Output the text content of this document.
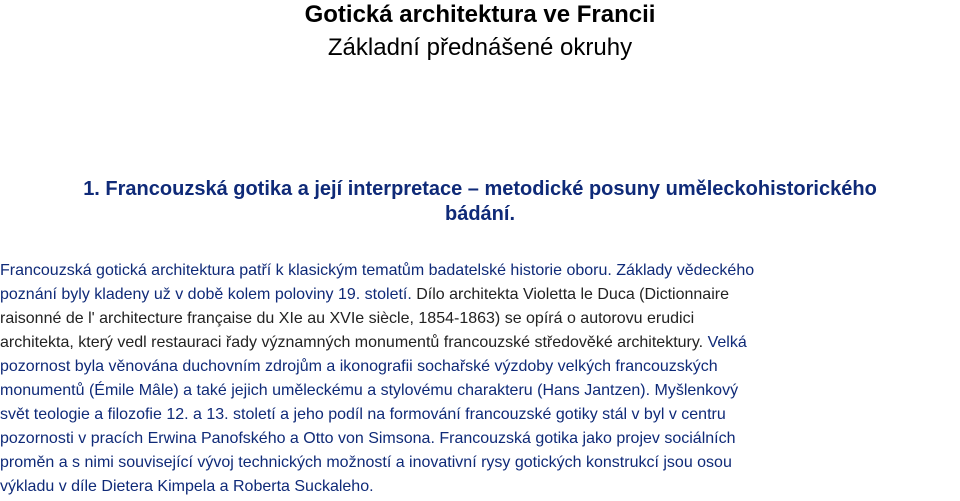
Gotická architektura ve Francii
Základní přednášené okruhy
1. Francouzská gotika a její interpretace – metodické posuny uměleckohistorického
bádání.
Francouzská gotická architektura patří k klasickým tematům badatelské historie oboru. Základy vědeckého
poznání byly kladeny už v době kolem poloviny 19. století. Dílo architekta Violetta le Duca (Dictionnaire
raisonné de l' architecture française du XIe au XVIe siècle, 1854-1863) se opírá o autorovu erudici
architekta, který vedl restauraci řady významných monumentů francouzské středověké architektury. Velká
pozornost byla věnována duchovním zdrojům a ikonografii sochařské výzdoby velkých francouzských
monumentů (Émile Mâle) a také jejich uměleckému a stylovému charakteru (Hans Jantzen). Myšlenkový
svět teologie a filozofie 12. a 13. století a jeho podíl na formování francouzské gotiky stál v byl v centru
pozornosti v pracích Erwina Panofského a Otto von Simsona. Francouzská gotika jako projev sociálních
proměn a s nimi související vývoj technických možností a inovativní rysy gotických konstrukcí jsou osou
výkladu v díle Dietera Kimpela a Roberta Suckaleho.
